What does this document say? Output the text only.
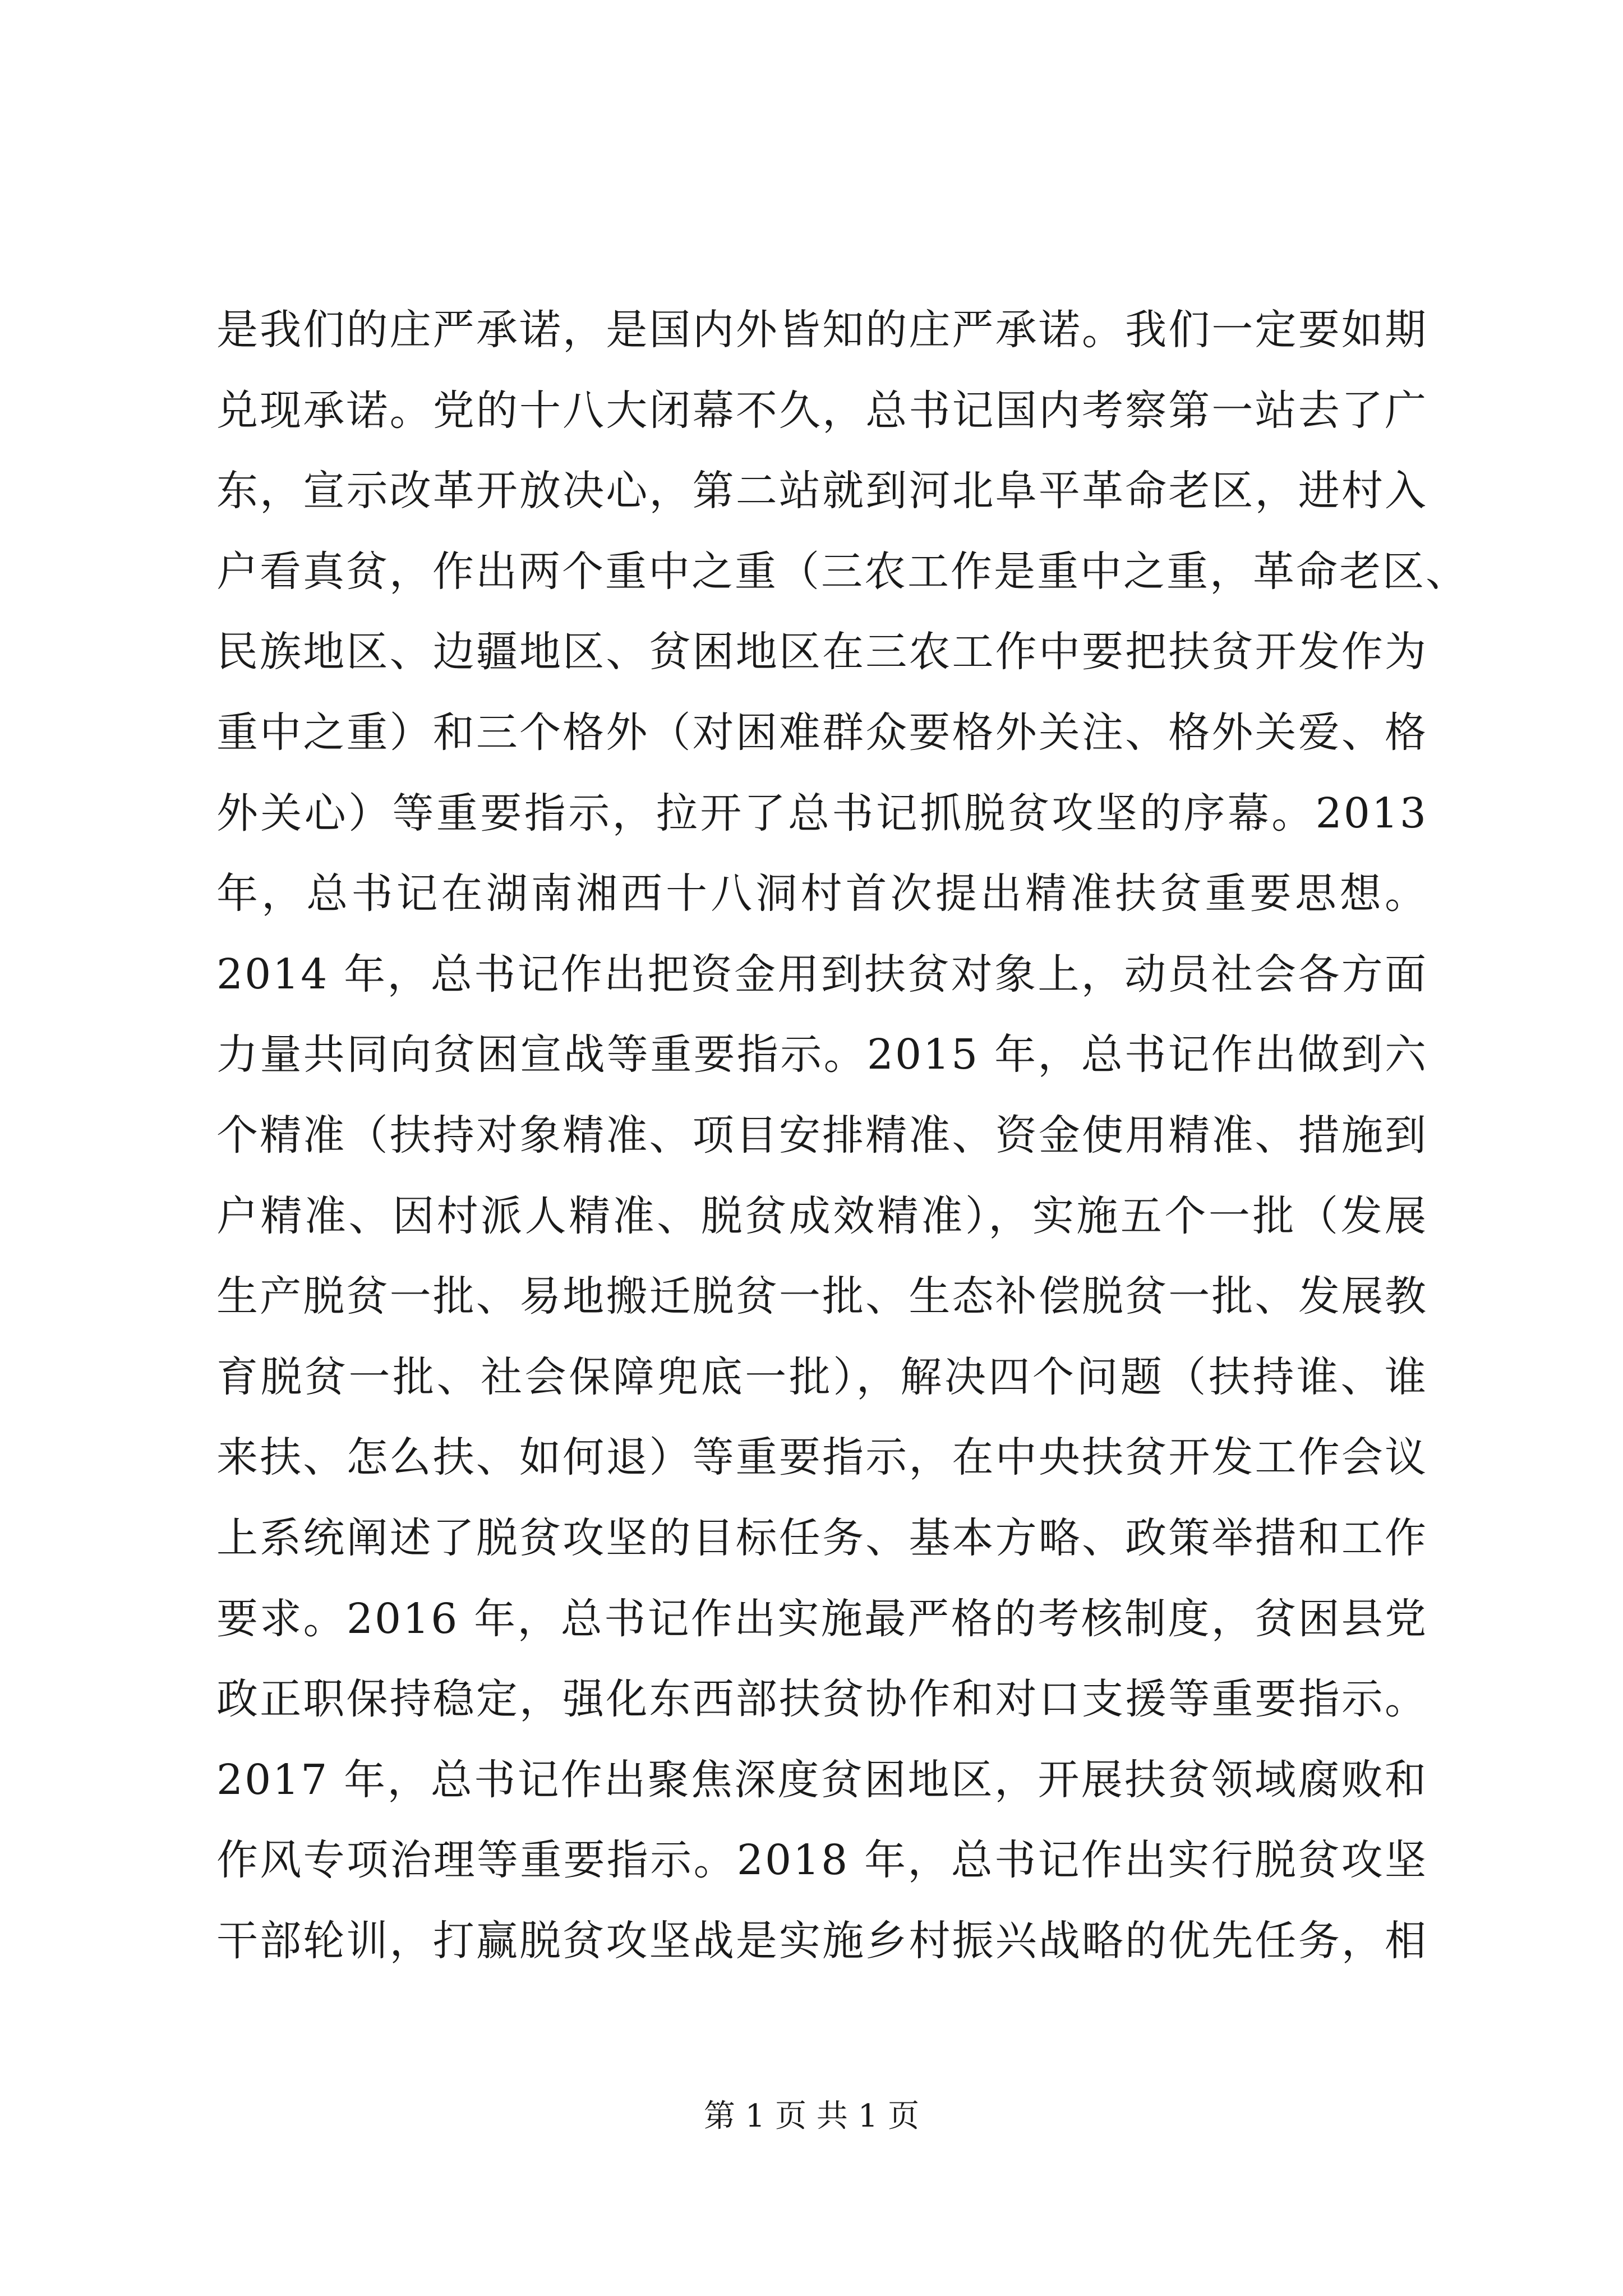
是我们的庄严承诺，是国内外皆知的庄严承诺。我们一定要如期
兑现承诺。党的十八大闭幕不久，总书记国内考察第一站去了广
东，宣示改革开放决心，第二站就到河北阜平革命老区，进村入
户看真贫，作出两个重中之重（三农工作是重中之重，革命老区、
民族地区、边疆地区、贫困地区在三农工作中要把扶贫开发作为
重中之重）和三个格外（对困难群众要格外关注、格外关爱、格
外关心）等重要指示，拉开了总书记抓脱贫攻坚的序幕。2013
年，总书记在湖南湘西十八洞村首次提出精准扶贫重要思想。
2014 年，总书记作出把资金用到扶贫对象上，动员社会各方面
力量共同向贫困宣战等重要指示。2015 年，总书记作出做到六
个精准（扶持对象精准、项目安排精准、资金使用精准、措施到
户精准、因村派人精准、脱贫成效精准），实施五个一批（发展
生产脱贫一批、易地搬迁脱贫一批、生态补偿脱贫一批、发展教
育脱贫一批、社会保障兜底一批），解决四个问题（扶持谁、谁
来扶、怎么扶、如何退）等重要指示，在中央扶贫开发工作会议
上系统阐述了脱贫攻坚的目标任务、基本方略、政策举措和工作
要求。2016 年，总书记作出实施最严格的考核制度，贫困县党
政正职保持稳定，强化东西部扶贫协作和对口支援等重要指示。
2017 年，总书记作出聚焦深度贫困地区，开展扶贫领域腐败和
作风专项治理等重要指示。2018 年，总书记作出实行脱贫攻坚
干部轮训，打赢脱贫攻坚战是实施乡村振兴战略的优先任务，相
第 1 页 共 1 页
